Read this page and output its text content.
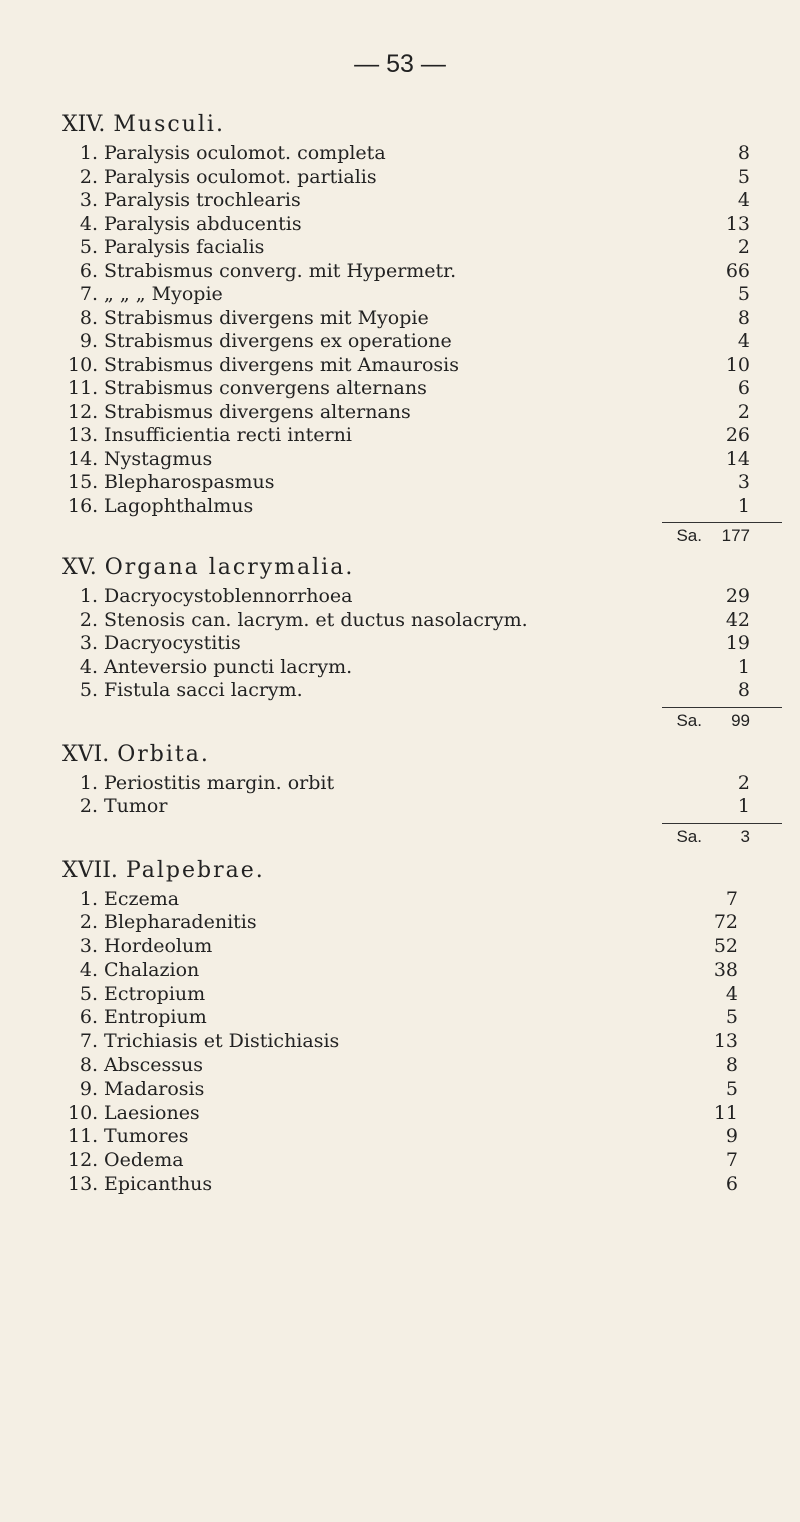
— 53 —
XIV. Musculi.
1. Paralysis oculomot. completa	8
2. Paralysis oculomot. partialis	5
3. Paralysis trochlearis	4
4. Paralysis abducentis	13
5. Paralysis facialis	2
6. Strabismus converg. mit Hypermetr.	66
7. „ „ „ Myopie	5
8. Strabismus divergens mit Myopie	8
9. Strabismus divergens ex operatione	4
10. Strabismus divergens mit Amaurosis	10
11. Strabismus convergens alternans	6
12. Strabismus divergens alternans	2
13. Insufficientia recti interni	26
14. Nystagmus	14
15. Blepharospasmus	3
16. Lagophthalmus	1
Sa. 177
XV. Organa lacrymalia.
1. Dacryocystoblennorrhoea	29
2. Stenosis can. lacrym. et ductus nasolacrym.	42
3. Dacryocystitis	19
4. Anteversio puncti lacrym.	1
5. Fistula sacci lacrym.	8
Sa. 99
XVI. Orbita.
1. Periostitis margin. orbit	2
2. Tumor	1
Sa. 3
XVII. Palpebrae.
1. Eczema	7
2. Blepharadenitis	72
3. Hordeolum	52
4. Chalazion	38
5. Ectropium	4
6. Entropium	5
7. Trichiasis et Distichiasis	13
8. Abscessus	8
9. Madarosis	5
10. Laesiones	11
11. Tumores	9
12. Oedema	7
13. Epicanthus	6
